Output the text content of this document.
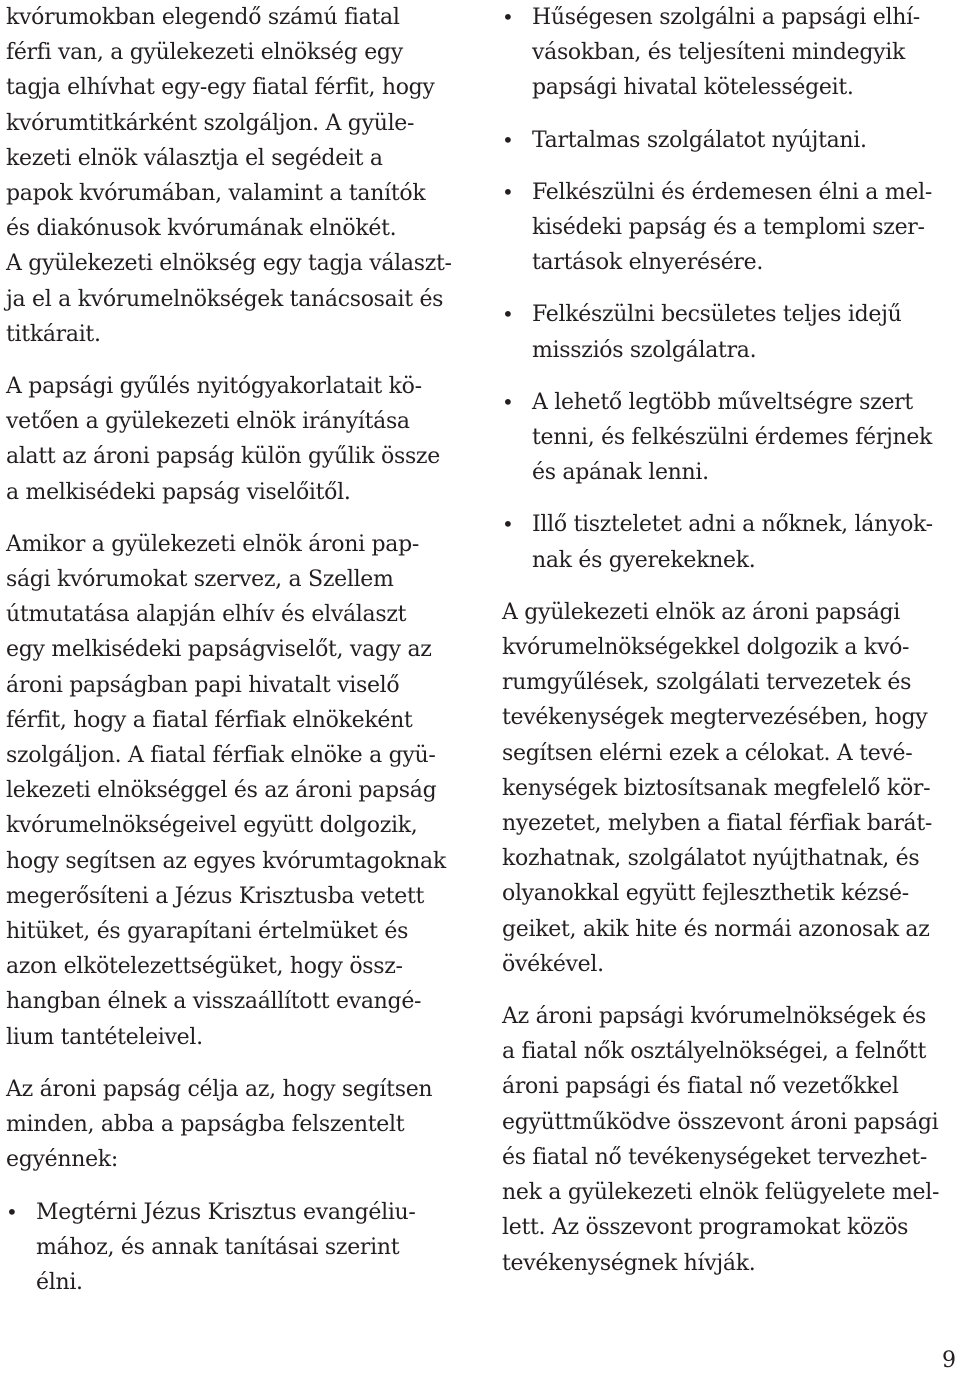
kvórumokban elegendő számú fiatal
férfi van, a gyülekezeti elnökség egy
tagja elhívhat egy-egy fiatal férfit, hogy
kvórumtitkárként szolgáljon. A gyüle-
kezeti elnök választja el segédeit a
papok kvórumában, valamint a tanítók
és diakónusok kvórumának elnökét.
A gyülekezeti elnökség egy tagja választ-
ja el a kvórumelnökségek tanácsosait és
titkárait.

A papsági gyűlés nyitógyakorlatait kö-
vetően a gyülekezeti elnök irányítása
alatt az ároni papság külön gyűlik össze
a melkisédeki papság viselőitől.

Amikor a gyülekezeti elnök ároni pap-
sági kvórumokat szervez, a Szellem
útmutatása alapján elhív és elválaszt
egy melkisédeki papságviselőt, vagy az
ároni papságban papi hivatalt viselő
férfit, hogy a fiatal férfiak elnökeként
szolgáljon. A fiatal férfiak elnöke a gyü-
lekezeti elnökséggel és az ároni papság
kvórumelnökségeivel együtt dolgozik,
hogy segítsen az egyes kvórumtagoknak
megerősíteni a Jézus Krisztusba vetett
hitüket, és gyarapítani értelmüket és
azon elkötelezettségüket, hogy össz-
hangban élnek a visszaállított evangé-
lium tantételeivel.

Az ároni papság célja az, hogy segítsen
minden, abba a papságba felszentelt
egyénnek:

• Megtérni Jézus Krisztus evangéliu-
mához, és annak tanításai szerint
élni.
• Hűségesen szolgálni a papsági elhí-
vásokban, és teljesíteni mindegyik
papsági hivatal kötelességeit.
• Tartalmas szolgálatot nyújtani.
• Felkészülni és érdemesen élni a mel-
kisédeki papság és a templomi szer-
tartások elnyerésére.
• Felkészülni becsületes teljes idejű
missziós szolgálatra.
• A lehető legtöbb műveltségre szert
tenni, és felkészülni érdemes férjnek
és apának lenni.
• Illő tiszteletet adni a nőknek, lányok-
nak és gyerekeknek.

A gyülekezeti elnök az ároni papsági
kvórumelnökségekkel dolgozik a kvó-
rumgyűlések, szolgálati tervezetek és
tevékenységek megtervezésében, hogy
segítsen elérni ezek a célokat. A tevé-
kenységek biztosítsanak megfelelő kör-
nyezetet, melyben a fiatal férfiak barát-
kozhatnak, szolgálatot nyújthatnak, és
olyanokkal együtt fejleszthetik kézsé-
geiket, akik hite és normái azonosak az
övékével.

Az ároni papsági kvórumelnökségek és
a fiatal nők osztályelnökségei, a felnőtt
ároni papsági és fiatal nő vezetőkkel
együttműködve összevont ároni papsági
és fiatal nő tevékenységeket tervezhet-
nek a gyülekezeti elnök felügyelete mel-
lett. Az összevont programokat közös
tevékenységnek hívják.

9
